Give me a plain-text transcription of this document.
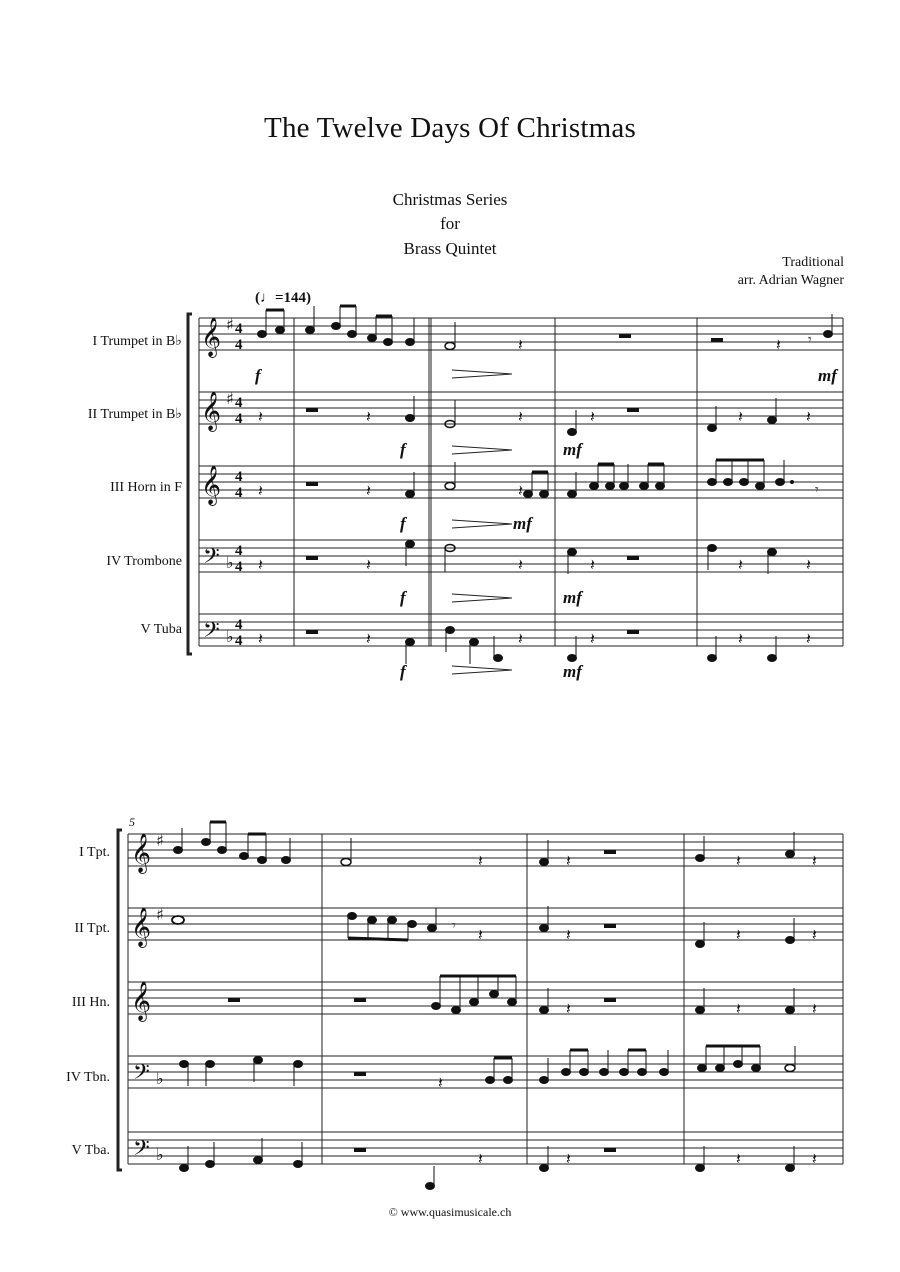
The Twelve Days Of Christmas
Christmas Series
for
Brass Quintet
Traditional
arr. Adrian Wagner
(♩=144)
I Trumpet in B♭
II Trumpet in B♭
III Horn in F
IV Trombone
V Tuba
I Tpt.
II Tpt.
III Hn.
IV Tbn.
V Tba.
© www.quasimusicale.ch
𝄞
𝄞
𝄞
𝄢
𝄢
♯
♯
♭
♭
4
4
4
4
4
4
4
4
4
4
𝄽	𝄽 𝄾
𝄽	𝄽	𝄽	𝄽	𝄽	𝄽
𝄽	𝄽	𝄽	𝄾
𝄽	𝄽	𝄽	𝄽	𝄽	𝄽
𝄽	𝄽	𝄽	𝄽	𝄽	𝄽
f	mf
f	mf
f	mf
f	mf
f	mf
5
𝄞
𝄞
𝄞
𝄢
𝄢
♯
♯
♭
♭
𝄽	𝄽	𝄽	𝄽
𝄾
𝄽	𝄽	𝄽	𝄽
𝄽	𝄽	𝄽
𝄽
𝄽	𝄽	𝄽	𝄽
